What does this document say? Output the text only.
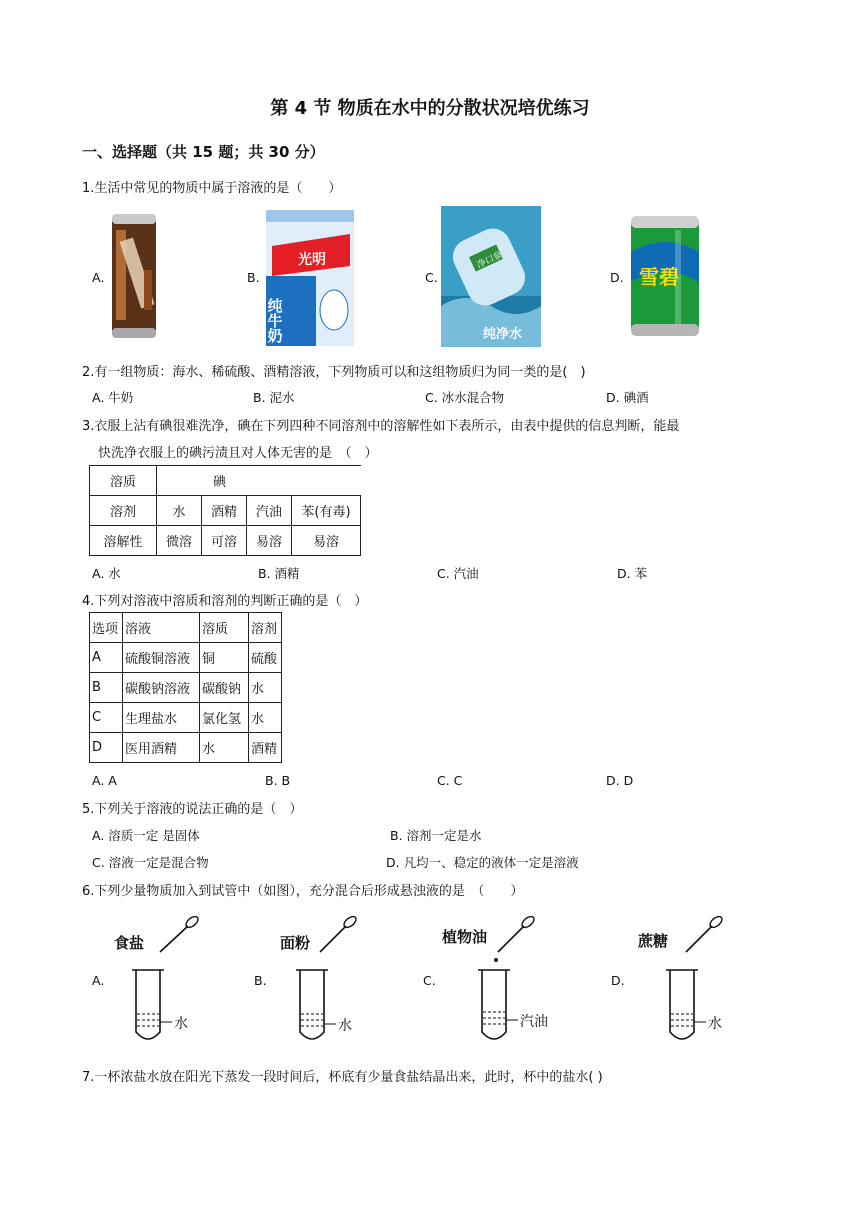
第 4 节 物质在水中的分散状况培优练习
一、选择题（共 15 题；共 30 分）
1.生活中常见的物质中属于溶液的是（　　）
A.	B.	C.	D.
光明
纯牛奶
净口泉
纯净水
雪碧
2.有一组物质：海水、稀硫酸、酒精溶液，下列物质可以和这组物质归为同一类的是(　)
A. 牛奶	B. 泥水	C. 冰水混合物	D. 碘酒
3.衣服上沾有碘很难洗净，碘在下列四种不同溶剂中的溶解性如下表所示，由表中提供的信息判断，能最
快洗净衣服上的碘污渍且对人体无害的是　（　）
溶质	碘			
溶剂	水	酒精	汽油	苯(有毒)
溶解性	微溶	可溶	易溶	易溶
A. 水	B. 酒精	C. 汽油	D. 苯
4.下列对溶液中溶质和溶剂的判断正确的是（　）
选项	溶液	溶质	溶剂
A	硫酸铜溶液	铜	硫酸
B	碳酸钠溶液	碳酸钠	水
C	生理盐水	氯化氢	水
D	医用酒精	水	酒精
A. A	B. B	C. C	D. D
5.下列关于溶液的说法正确的是（　）
A. 溶质一定 是固体	B. 溶剂一定是水
C. 溶液一定是混合物	D. 凡均一、稳定的液体一定是溶液
6.下列少量物质加入到试管中（如图），充分混合后形成悬浊液的是　（　　）
A.	B.	C.	D.
食盐
水
面粉
水
植物油
汽油
蔗糖
水
7.一杯浓盐水放在阳光下蒸发一段时间后，杯底有少量食盐结晶出来，此时，杯中的盐水( )
